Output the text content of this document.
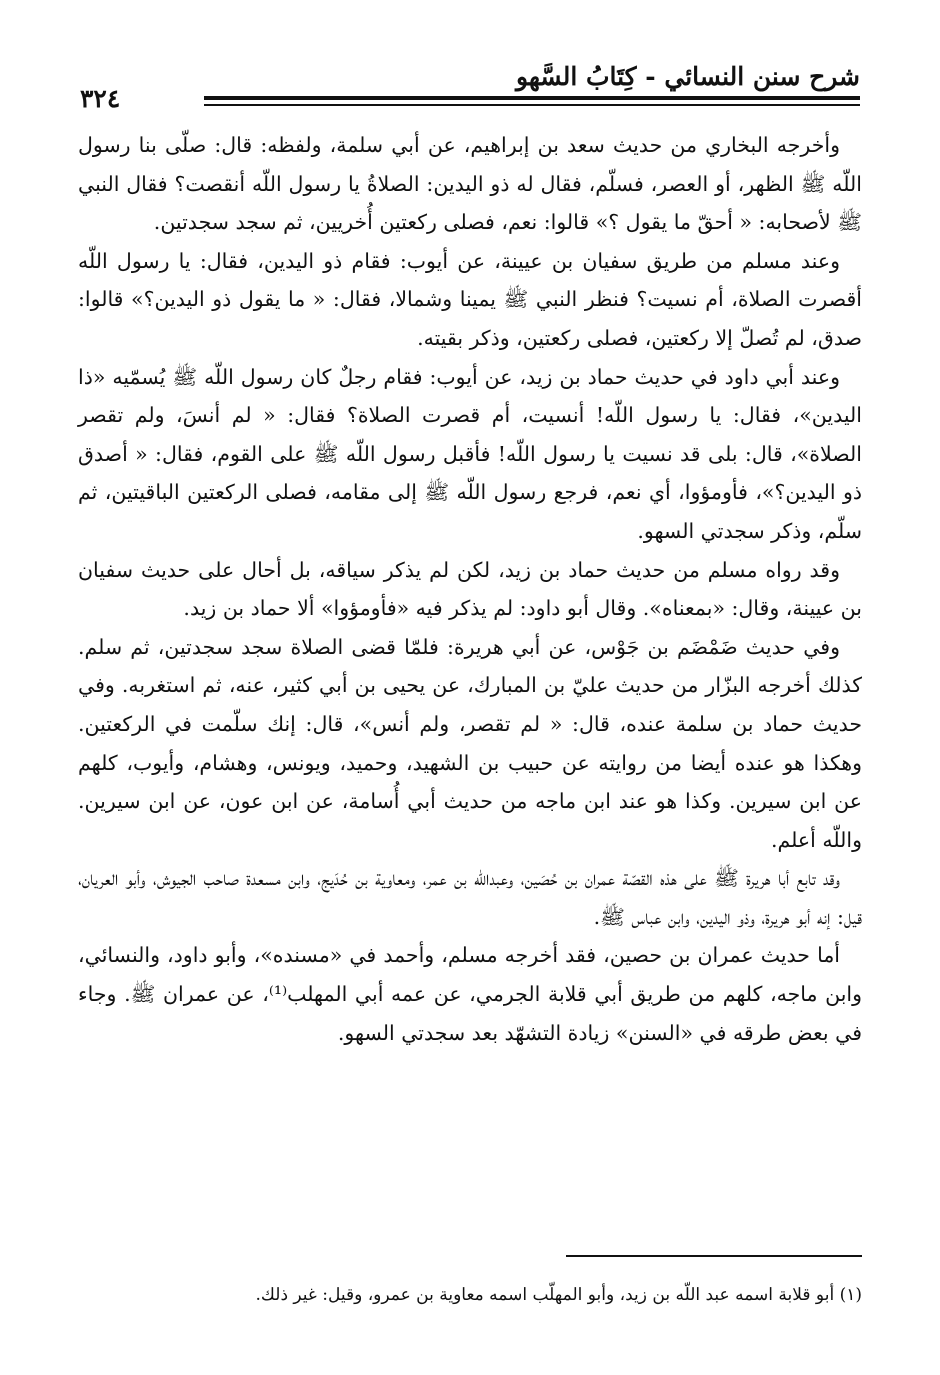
شرح سنن النسائي - كِتَابُ السَّهو
٣٢٤

وأخرجه البخاري من حديث سعد بن إبراهيم، عن أبي سلمة، ولفظه: قال: صلّى بنا رسول اللّه ﷺ الظهر، أو العصر، فسلّم، فقال له ذو اليدين: الصلاةُ يا رسول اللّه أنقصت؟ فقال النبي ﷺ لأصحابه: « أحقّ ما يقول ؟» قالوا: نعم، فصلى ركعتين أُخريين، ثم سجد سجدتين.

وعند مسلم من طريق سفيان بن عيينة، عن أيوب: فقام ذو اليدين، فقال: يا رسول اللّه أقصرت الصلاة، أم نسيت؟ فنظر النبي ﷺ يمينا وشمالا، فقال: « ما يقول ذو اليدين؟» قالوا: صدق، لم تُصلّ إلا ركعتين، فصلى ركعتين، وذكر بقيته.

وعند أبي داود في حديث حماد بن زيد، عن أيوب: فقام رجلٌ كان رسول اللّه ﷺ يُسمّيه «ذا اليدين»، فقال: يا رسول اللّه! أنسيت، أم قصرت الصلاة؟ فقال: « لم أنسَ، ولم تقصر الصلاة»، قال: بلى قد نسيت يا رسول اللّه! فأقبل رسول اللّه ﷺ على القوم، فقال: « أصدق ذو اليدين؟»، فأومؤوا، أي نعم، فرجع رسول اللّه ﷺ إلى مقامه، فصلى الركعتين الباقيتين، ثم سلّم، وذكر سجدتي السهو.

وقد رواه مسلم من حديث حماد بن زيد، لكن لم يذكر سياقه، بل أحال على حديث سفيان بن عيينة، وقال: «بمعناه». وقال أبو داود: لم يذكر فيه «فأومؤوا» ألا حماد بن زيد.

وفي حديث ضَمْضَم بن جَوْس، عن أبي هريرة: فلمّا قضى الصلاة سجد سجدتين، ثم سلم. كذلك أخرجه البزّار من حديث عليّ بن المبارك، عن يحيى بن أبي كثير، عنه، ثم استغربه. وفي حديث حماد بن سلمة عنده، قال: « لم تقصر، ولم أنس»، قال: إنك سلّمت في الركعتين. وهكذا هو عنده أيضا من روايته عن حبيب بن الشهيد، وحميد، ويونس، وهشام، وأيوب، كلهم عن ابن سيرين. وكذا هو عند ابن ماجه من حديث أبي أُسامة، عن ابن عون، عن ابن سيرين. واللّه أعلم.

وقد تابع أبا هريرة ﷺ على هذه القصّة عمران بن حُصَين، وعبداللّه بن عمر، ومعاوية بن حُدَيج، وابن مسعدة صاحب الجيوش، وأبو العريان، قيل: إنه أبو هريرة، وذو اليدين، وابن عباس ﷺ.

أما حديث عمران بن حصين، فقد أخرجه مسلم، وأحمد في «مسنده»، وأبو داود، والنسائي، وابن ماجه، كلهم من طريق أبي قلابة الجرمي، عن عمه أبي المهلب⁽¹⁾، عن عمران ﷺ. وجاء في بعض طرقه في «السنن» زيادة التشهّد بعد سجدتي السهو.

(١) أبو قلابة اسمه عبد اللّه بن زيد، وأبو المهلّب اسمه معاوية بن عمرو، وقيل: غير ذلك.
